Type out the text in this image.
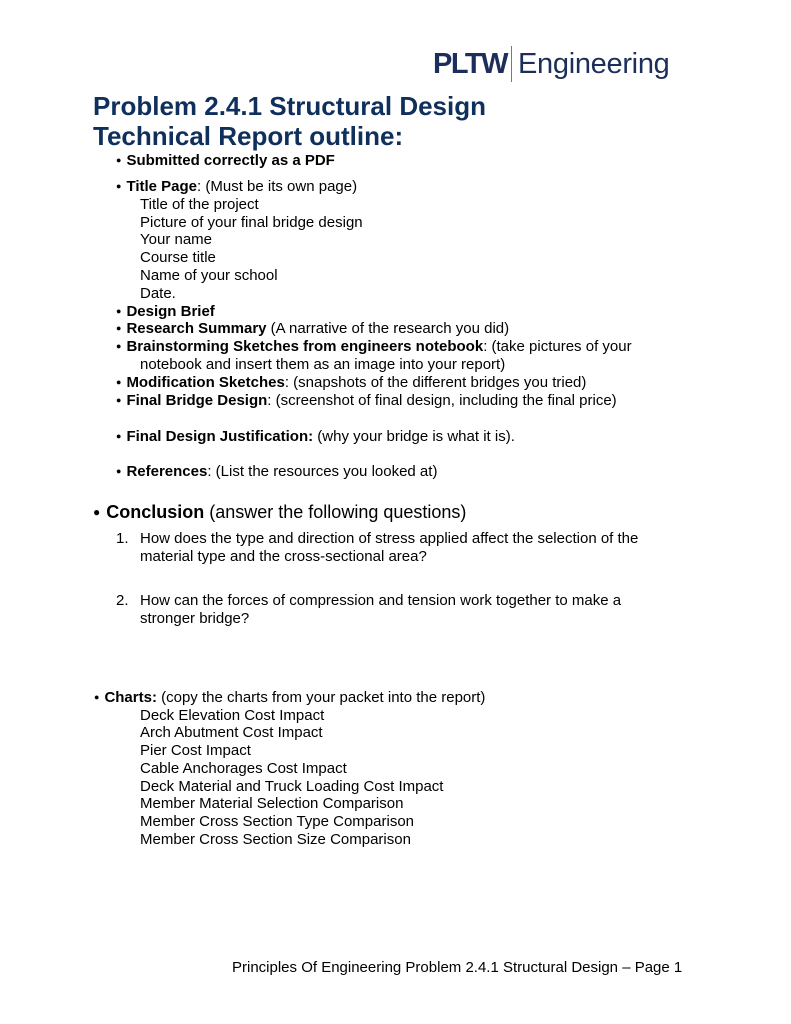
PLTW Engineering
Problem 2.4.1 Structural Design
Technical Report outline:
● Submitted correctly as a PDF
● Title Page: (Must be its own page)
Title of the project
Picture of your final bridge design
Your name
Course title
Name of your school
Date.
● Design Brief
● Research Summary (A narrative of the research you did)
● Brainstorming Sketches from engineers notebook: (take pictures of your
notebook and insert them as an image into your report)
● Modification Sketches: (snapshots of the different bridges you tried)
● Final Bridge Design: (screenshot of final design, including the final price)
● Final Design Justification: (why your bridge is what it is).
● References: (List the resources you looked at)
● Conclusion (answer the following questions)
1. How does the type and direction of stress applied affect the selection of the
material type and the cross-sectional area?
2. How can the forces of compression and tension work together to make a
stronger bridge?
● Charts: (copy the charts from your packet into the report)
Deck Elevation Cost Impact
Arch Abutment Cost Impact
Pier Cost Impact
Cable Anchorages Cost Impact
Deck Material and Truck Loading Cost Impact
Member Material Selection Comparison
Member Cross Section Type Comparison
Member Cross Section Size Comparison
Principles Of Engineering Problem 2.4.1 Structural Design – Page 1
